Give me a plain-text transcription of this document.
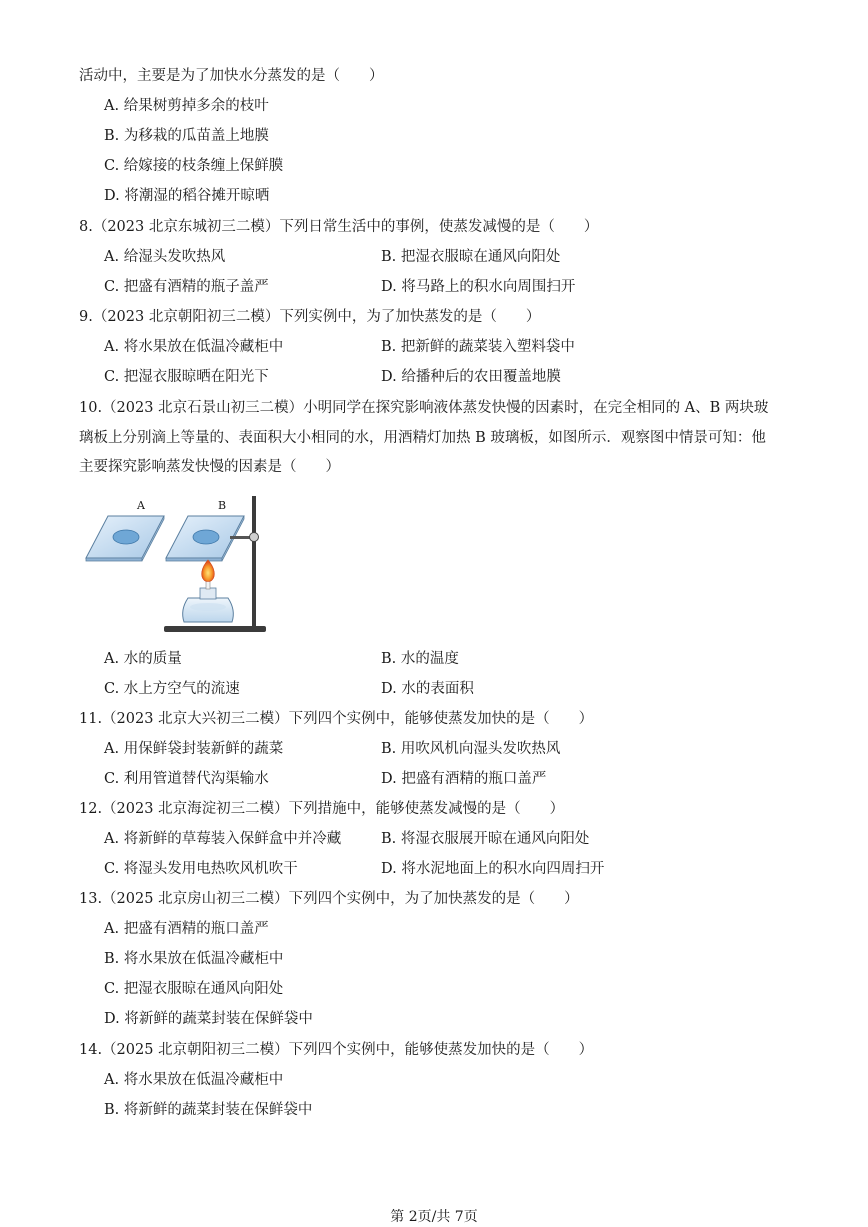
活动中，主要是为了加快水分蒸发的是（　　）
A. 给果树剪掉多余的枝叶
B. 为移栽的瓜苗盖上地膜
C. 给嫁接的枝条缠上保鲜膜
D. 将潮湿的稻谷摊开晾晒
8.（2023 北京东城初三二模）下列日常生活中的事例，使蒸发减慢的是（　　）
A. 给湿头发吹热风	B. 把湿衣服晾在通风向阳处
C. 把盛有酒精的瓶子盖严	D. 将马路上的积水向周围扫开
9.（2023 北京朝阳初三二模）下列实例中，为了加快蒸发的是（　　）
A. 将水果放在低温冷藏柜中	B. 把新鲜的蔬菜装入塑料袋中
C. 把湿衣服晾晒在阳光下	D. 给播种后的农田覆盖地膜
10.（2023 北京石景山初三二模）小明同学在探究影响液体蒸发快慢的因素时，在完全相同的 A、B 两块玻
璃板上分别滴上等量的、表面积大小相同的水，用酒精灯加热 B 玻璃板，如图所示．观察图中情景可知：他
主要探究影响蒸发快慢的因素是（　　）
A	B
A. 水的质量	B. 水的温度
C. 水上方空气的流速	D. 水的表面积
11.（2023 北京大兴初三二模）下列四个实例中，能够使蒸发加快的是（　　）
A. 用保鲜袋封装新鲜的蔬菜	B. 用吹风机向湿头发吹热风
C. 利用管道替代沟渠输水	D. 把盛有酒精的瓶口盖严
12.（2023 北京海淀初三二模）下列措施中，能够使蒸发减慢的是（　　）
A. 将新鲜的草莓装入保鲜盒中并冷藏	B. 将湿衣服展开晾在通风向阳处
C. 将湿头发用电热吹风机吹干	D. 将水泥地面上的积水向四周扫开
13.（2025 北京房山初三二模）下列四个实例中，为了加快蒸发的是（　　）
A. 把盛有酒精的瓶口盖严
B. 将水果放在低温冷藏柜中
C. 把湿衣服晾在通风向阳处
D. 将新鲜的蔬菜封装在保鲜袋中
14.（2025 北京朝阳初三二模）下列四个实例中，能够使蒸发加快的是（　　）
A. 将水果放在低温冷藏柜中
B. 将新鲜的蔬菜封装在保鲜袋中
第 2页/共 7页
